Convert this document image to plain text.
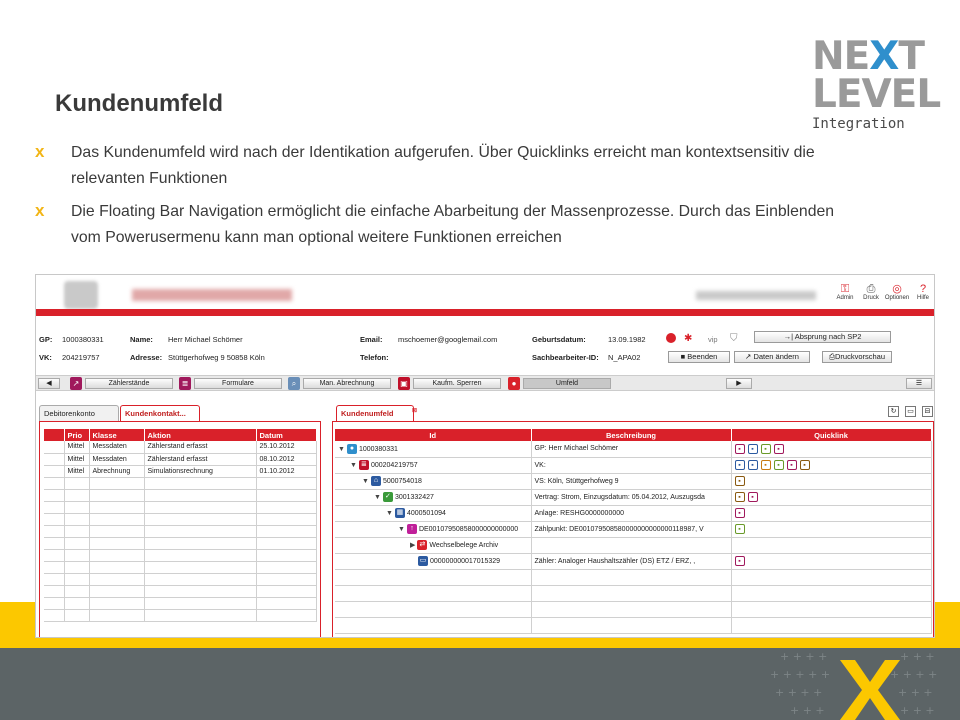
Kundenumfeld
NEXT
LEVEL
Integration
x Das Kundenumfeld wird nach der Identikation aufgerufen. Über Quicklinks erreicht man kontextsensitiv die relevanten Funktionen
x Die Floating Bar Navigation ermöglicht die einfache Abarbeitung der Massenprozesse. Durch das Einblenden vom Powerusermenu kann man optional weitere Funktionen erreichen
+ + + +
+ + + + +
+ + + +
+ + +
+ + + +
+ + +
+ + +	+ + +
⚿
Admin
⎙
Druck
◎
Optionen
?
Hilfe
GP: 1000380331	Name: Herr Michael Schömer	Email: mschoemer@googlemail.com	Geburtsdatum:	13.09.1982
VK: 204219757	Adresse: Stüttgerhofweg 9 50858 Köln	Telefon:	Sachbearbeiter-ID: N_APA02
✱ vip ⛉	→| Absprung nach SP2
■ Beenden	↗ Daten ändern	⎙Druckvorschau
◀	↗	Zählerstände	≣	Formulare	⌕	Man. Abrechnung	▣	Kaufm. Sperren	●	Umfeld	▶	☰
Debitorenkonto	Kundenkontakt...
	Prio	Klasse	Aktion	Datum
	Mittel	Messdaten	Zählerstand erfasst	25.10.2012
	Mittel	Messdaten	Zählerstand erfasst	08.10.2012
	Mittel	Abrechnung	Simulationsrechnung	01.10.2012

Kundenumfeld	⊠	↻	▭	⊟
Id	Beschreibung	Quicklink
▼ ● 1000380331	GP: Herr Michael Schömer	▪ ▪ ▪ ▪
▼ ≣ 000204219757	VK:	▪ ▪ ▪ ▪ ▪ ▪
▼ ⌂ 5000754018	VS: Köln, Stüttgerhofweg 9	▪
▼ ✓ 3001332427	Vertrag: Strom, Einzugsdatum: 05.04.2012, Auszugsda	▪ ▪
▼ ▦ 4000501094	Anlage: RESHG0000000000	▪
▼ ↑ DE00107950858000000000000	Zählpunkt: DE001079508580000000000000118987, V	▪
▶ ⇄ Wechselbelege Archiv		
▭ 000000000017015329	Zähler: Analoger Haushaltszähler (DS) ETZ / ERZ, ,	▪
